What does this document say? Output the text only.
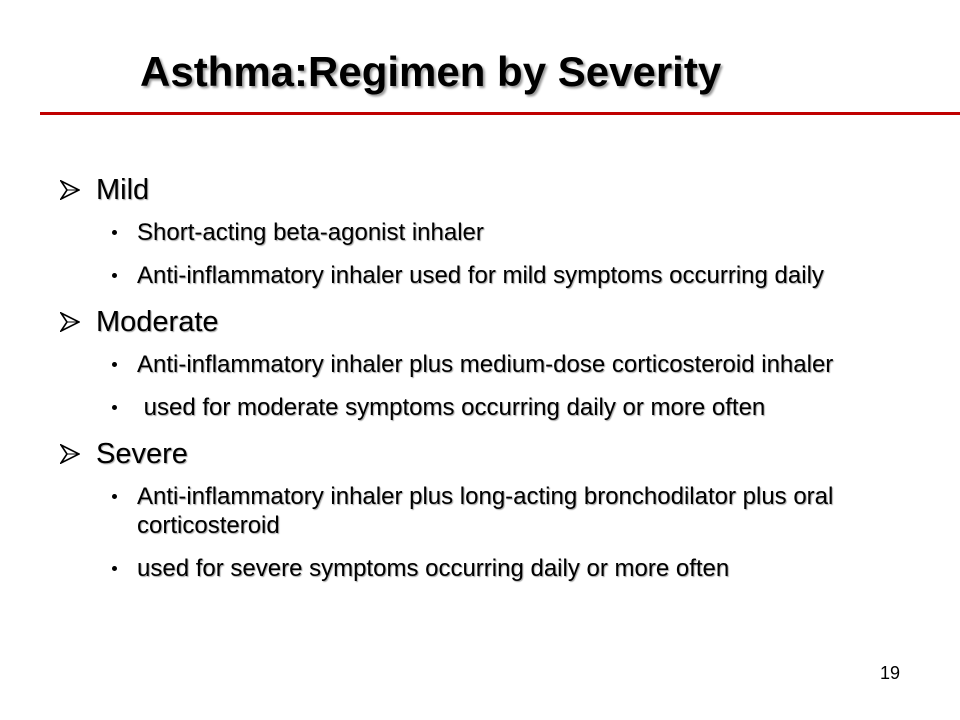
Asthma:Regimen by Severity
Mild
Short-acting beta-agonist inhaler
Anti-inflammatory inhaler used for mild symptoms occurring daily
Moderate
Anti-inflammatory inhaler plus medium-dose corticosteroid inhaler
used for moderate symptoms occurring daily or more often
Severe
Anti-inflammatory inhaler plus long-acting bronchodilator plus oral corticosteroid
used for severe symptoms occurring daily or more often
19
